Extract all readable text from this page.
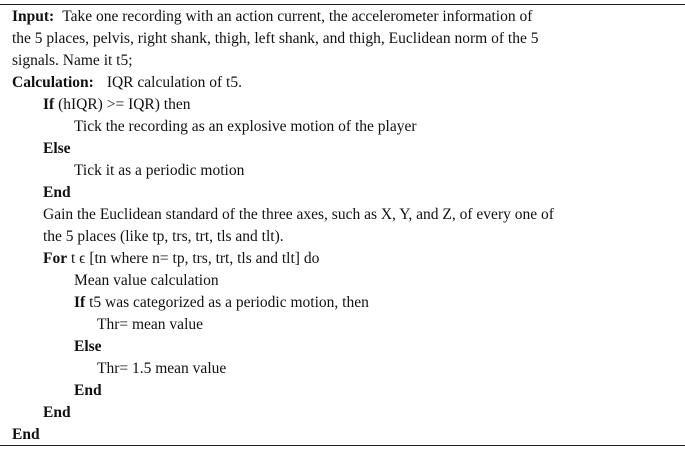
Input: Take one recording with an action current, the accelerometer information of
the 5 places, pelvis, right shank, thigh, left shank, and thigh, Euclidean norm of the 5
signals. Name it t5;
Calculation: IQR calculation of t5.
If (hIQR) >= IQR) then
Tick the recording as an explosive motion of the player
Else
Tick it as a periodic motion
End
Gain the Euclidean standard of the three axes, such as X, Y, and Z, of every one of
the 5 places (like tp, trs, trt, tls and tlt).
For t ϵ [tn where n= tp, trs, trt, tls and tlt] do
Mean value calculation
If t5 was categorized as a periodic motion, then
Thr= mean value
Else
Thr= 1.5 mean value
End
End
End
